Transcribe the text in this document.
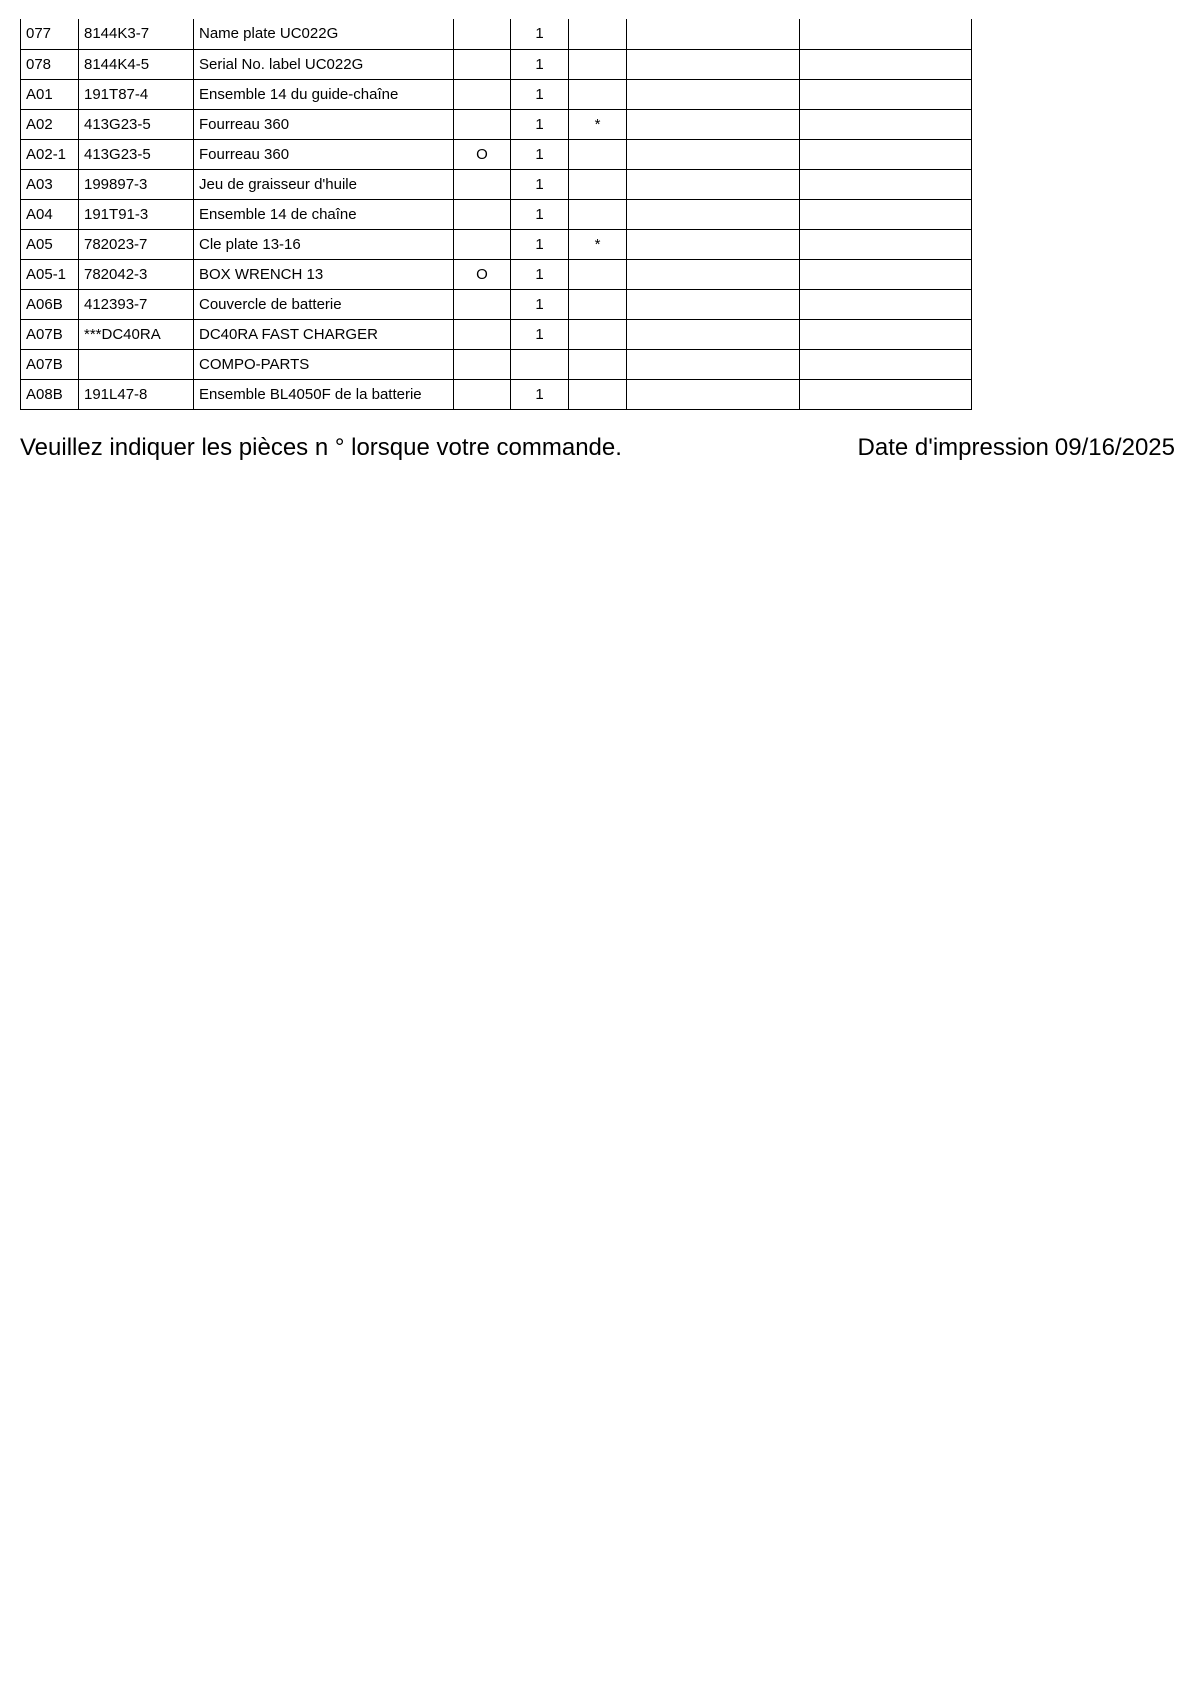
077	8144K3-7	Name plate UC022G		1			
078	8144K4-5	Serial No. label UC022G		1			
A01	191T87-4	Ensemble 14 du guide-chaîne		1			
A02	413G23-5	Fourreau 360		1	*		
A02-1	413G23-5	Fourreau 360	O	1			
A03	199897-3	Jeu de graisseur d'huile		1			
A04	191T91-3	Ensemble 14 de chaîne		1			
A05	782023-7	Cle plate 13-16		1	*		
A05-1	782042-3	BOX WRENCH 13	O	1			
A06B	412393-7	Couvercle de batterie		1			
A07B	***DC40RA	DC40RA FAST CHARGER		1			
A07B		COMPO-PARTS					
A08B	191L47-8	Ensemble BL4050F de la batterie		1			
Veuillez indiquer les pièces n ° lorsque votre commande.	Date d'impression 09/16/2025
